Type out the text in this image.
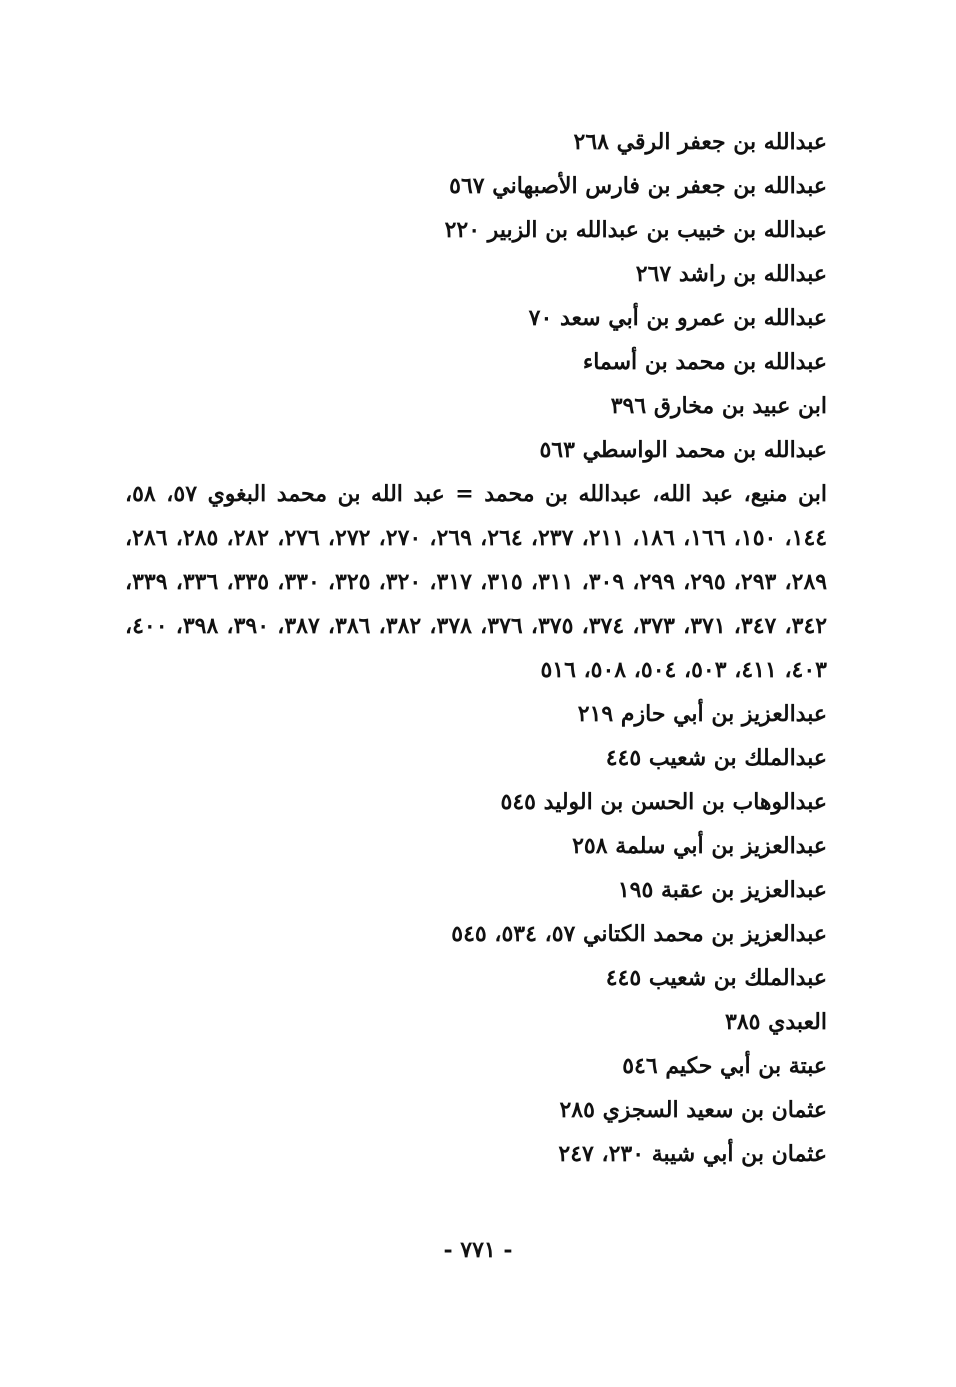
عبدالله بن جعفر الرقي ٢٦٨

عبدالله بن جعفر بن فارس الأصبهاني ٥٦٧

عبدالله بن خبيب بن عبدالله بن الزبير ٢٢٠

عبدالله بن راشد ٢٦٧

عبدالله بن عمرو بن أبي سعد ٧٠

عبدالله بن محمد بن أسماء

ابن عبيد بن مخارق ٣٩٦

عبدالله بن محمد الواسطي ٥٦٣

ابن منيع، عبد الله، عبدالله بن محمد = عبد الله بن محمد البغوي ٥٧، ٥٨، ١٤٤، ١٥٠، ١٦٦، ١٨٦، ٢١١، ٢٣٧، ٢٦٤، ٢٦٩، ٢٧٠، ٢٧٢، ٢٧٦، ٢٨٢، ٢٨٥، ٢٨٦، ٢٨٩، ٢٩٣، ٢٩٥، ٢٩٩، ٣٠٩، ٣١١، ٣١٥، ٣١٧، ٣٢٠، ٣٢٥، ٣٣٠، ٣٣٥، ٣٣٦، ٣٣٩، ٣٤٢، ٣٤٧، ٣٧١، ٣٧٣، ٣٧٤، ٣٧٥، ٣٧٦، ٣٧٨، ٣٨٢، ٣٨٦، ٣٨٧، ٣٩٠، ٣٩٨، ٤٠٠، ٤٠٣، ٤١١، ٥٠٣، ٥٠٤، ٥٠٨، ٥١٦

عبدالعزيز بن أبي حازم ٢١٩

عبدالملك بن شعيب ٤٤٥

عبدالوهاب بن الحسن بن الوليد ٥٤٥

عبدالعزيز بن أبي سلمة ٢٥٨

عبدالعزيز بن عقبة ١٩٥

عبدالعزيز بن محمد الكتاني ٥٧، ٥٣٤، ٥٤٥

عبدالملك بن شعيب ٤٤٥

العبدي ٣٨٥

عبتة بن أبي حكيم ٥٤٦

عثمان بن سعيد السجزي ٢٨٥

عثمان بن أبي شيبة ٢٣٠، ٢٤٧

- ٧٧١ -
